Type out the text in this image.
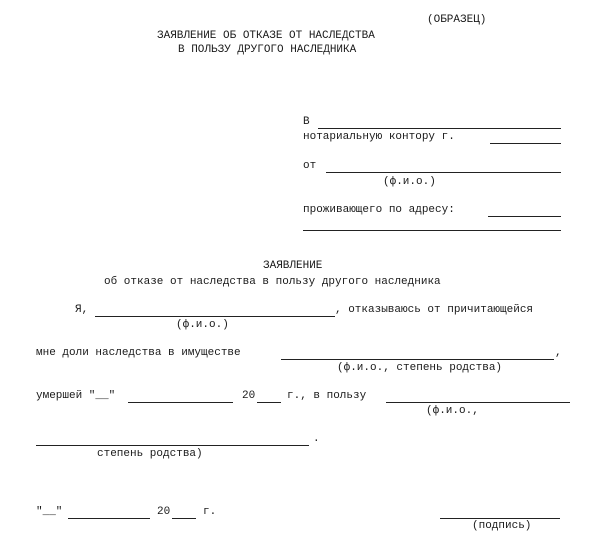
(ОБРАЗЕЦ)
ЗАЯВЛЕНИЕ ОБ ОТКАЗЕ ОТ НАСЛЕДСТВА
В ПОЛЬЗУ ДРУГОГО НАСЛЕДНИКА
В
нотариальную контору г.
от
(ф.и.о.)
проживающего по адресу:
ЗАЯВЛЕНИЕ
об отказе от наследства в пользу другого наследника
Я,	, отказываюсь от причитающейся
(ф.и.о.)
мне доли наследства в имуществе	,
(ф.и.о., степень родства)
умершей "__"	20	г., в пользу
(ф.и.о.,
.
степень родства)
"__"	20	г.
(подпись)
